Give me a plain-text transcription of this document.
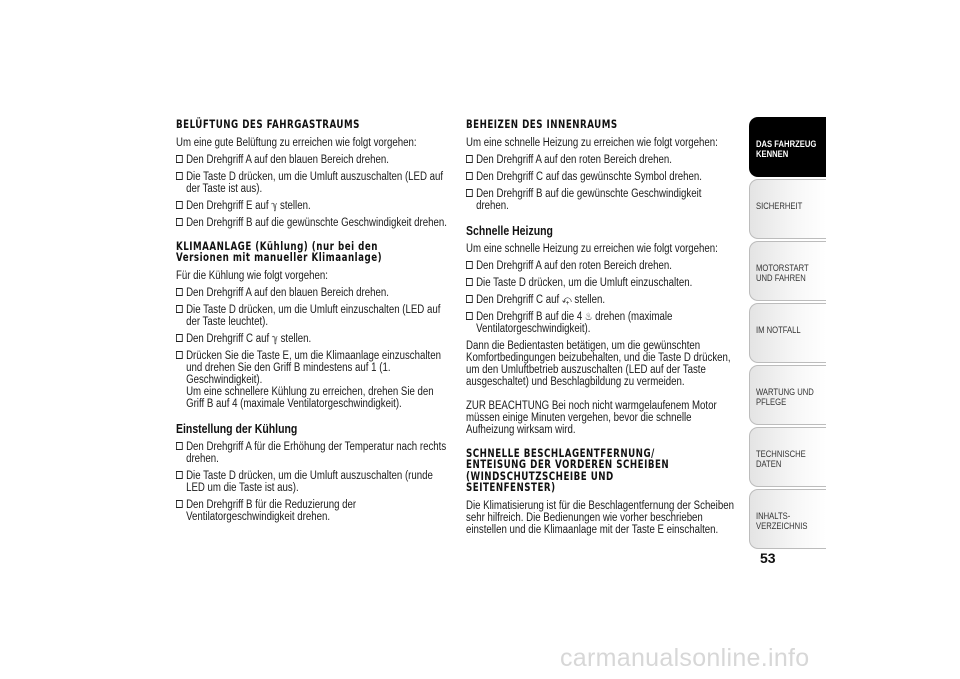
BELÜFTUNG DES FAHRGASTRAUMS

Um eine gute Belüftung zu erreichen wie folgt vorgehen:

Den Drehgriff A auf den blauen Bereich drehen.
Die Taste D drücken, um die Umluft auszuschalten (LED auf der Taste ist aus).
Den Drehgriff E auf ℽ stellen.
Den Drehgriff B auf die gewünschte Geschwindigkeit drehen.
KLIMAANLAGE (Kühlung) (nur bei den
Versionen mit manueller Klimaanlage)

Für die Kühlung wie folgt vorgehen:

Den Drehgriff A auf den blauen Bereich drehen.
Die Taste D drücken, um die Umluft einzuschalten (LED auf der Taste leuchtet).
Den Drehgriff C auf ℽ stellen.
Drücken Sie die Taste E, um die Klimaanlage einzuschalten und drehen Sie den Griff B mindestens auf 1 (1. Geschwindigkeit).
Um eine schnellere Kühlung zu erreichen, drehen Sie den Griff B auf 4 (maximale Ventilatorgeschwindigkeit).
Einstellung der Kühlung
Den Drehgriff A für die Erhöhung der Temperatur nach rechts drehen.
Die Taste D drücken, um die Umluft auszuschalten (runde LED um die Taste ist aus).
Den Drehgriff B für die Reduzierung der Ventilatorgeschwindigkeit drehen.
BEHEIZEN DES INNENRAUMS

Um eine schnelle Heizung zu erreichen wie folgt vorgehen:

Den Drehgriff A auf den roten Bereich drehen.
Den Drehgriff C auf das gewünschte Symbol drehen.
Den Drehgriff B auf die gewünschte Geschwindigkeit drehen.
Schnelle Heizung

Um eine schnelle Heizung zu erreichen wie folgt vorgehen:

Den Drehgriff A auf den roten Bereich drehen.
Die Taste D drücken, um die Umluft einzuschalten.
Den Drehgriff C auf ⤽ stellen.
Den Drehgriff B auf die 4 ♨ drehen (maximale Ventilatorgeschwindigkeit).

Dann die Bedientasten betätigen, um die gewünschten Komfortbedingungen beizubehalten, und die Taste D drücken, um den Umluftbetrieb auszuschalten (LED auf der Taste ausgeschaltet) und Beschlagbildung zu vermeiden.

ZUR BEACHTUNG Bei noch nicht warmgelaufenem Motor müssen einige Minuten vergehen, bevor die schnelle Aufheizung wirksam wird.

SCHNELLE BESCHLAGENTFERNUNG/
ENTEISUNG DER VORDEREN SCHEIBEN
(WINDSCHUTZSCHEIBE UND
SEITENFENSTER)

Die Klimatisierung ist für die Beschlagentfernung der Scheiben sehr hilfreich. Die Bedienungen wie vorher beschrieben einstellen und die Klimaanlage mit der Taste E einschalten.

DAS FAHRZEUG KENNEN
SICHERHEIT
MOTORSTART UND FAHREN
IM NOTFALL
WARTUNG UND PFLEGE
TECHNISCHE DATEN
INHALTS-VERZEICHNIS
53
carmanualsonline.info
